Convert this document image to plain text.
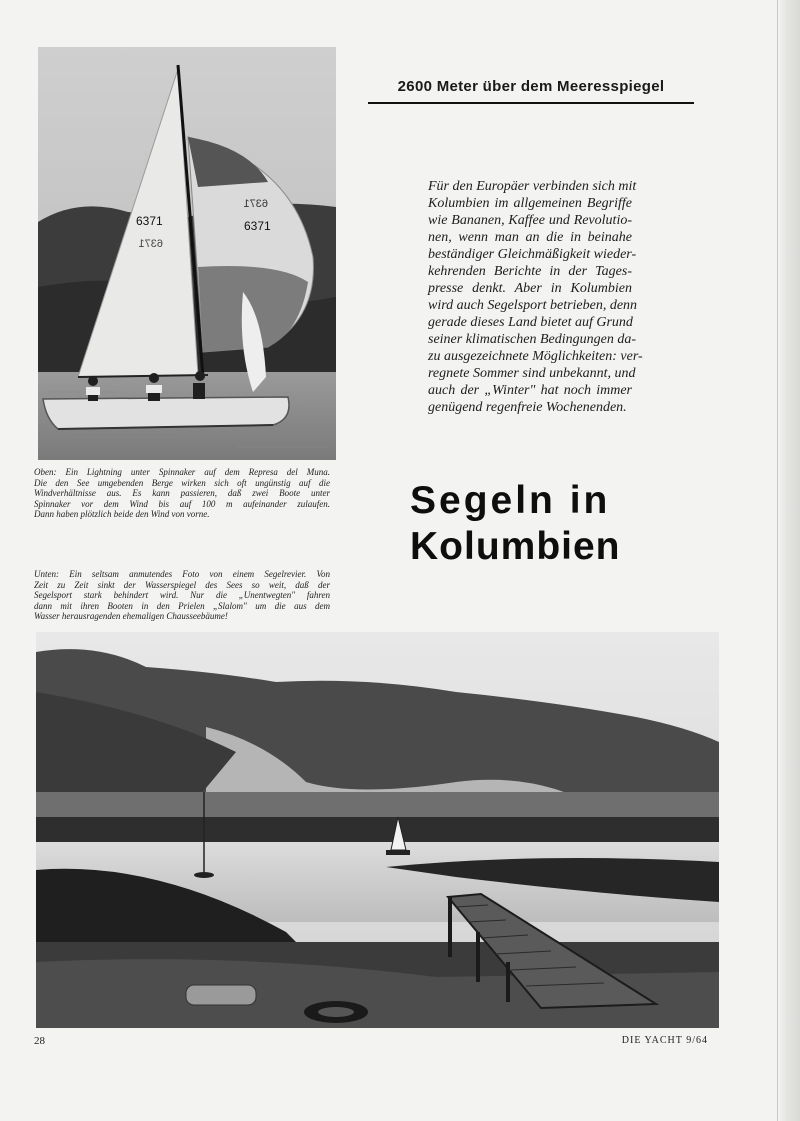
6371	6371
6371
6371
2600 Meter über dem Meeresspiegel
Für den Europäer verbinden sich mit
Kolumbien im allgemeinen Begriffe
wie Bananen, Kaffee und Revolutio-
nen, wenn man an die in beinahe
beständiger Gleichmäßigkeit wieder-
kehrenden Berichte in der Tages-
presse denkt. Aber in Kolumbien
wird auch Segelsport betrieben, denn
gerade dieses Land bietet auf Grund
seiner klimatischen Bedingungen da-
zu ausgezeichnete Möglichkeiten: ver-
regnete Sommer sind unbekannt, und
auch der „Winter" hat noch immer
genügend regenfreie Wochenenden.
Segeln in
Kolumbien
Oben: Ein Lightning unter Spinnaker auf dem Represa del Muna.
Die den See umgebenden Berge wirken sich oft ungünstig auf die
Windverhältnisse aus. Es kann passieren, daß zwei Boote unter
Spinnaker vor dem Wind bis auf 100 m aufeinander zulaufen.
Dann haben plötzlich beide den Wind von vorne.
Unten: Ein seltsam anmutendes Foto von einem Segelrevier. Von
Zeit zu Zeit sinkt der Wasserspiegel des Sees so weit, daß der
Segelsport stark behindert wird. Nur die „Unentwegten" fahren
dann mit ihren Booten in den Prielen „Slalom" um die aus dem
Wasser herausragenden ehemaligen Chausseebäume!
28	DIE YACHT 9/64
